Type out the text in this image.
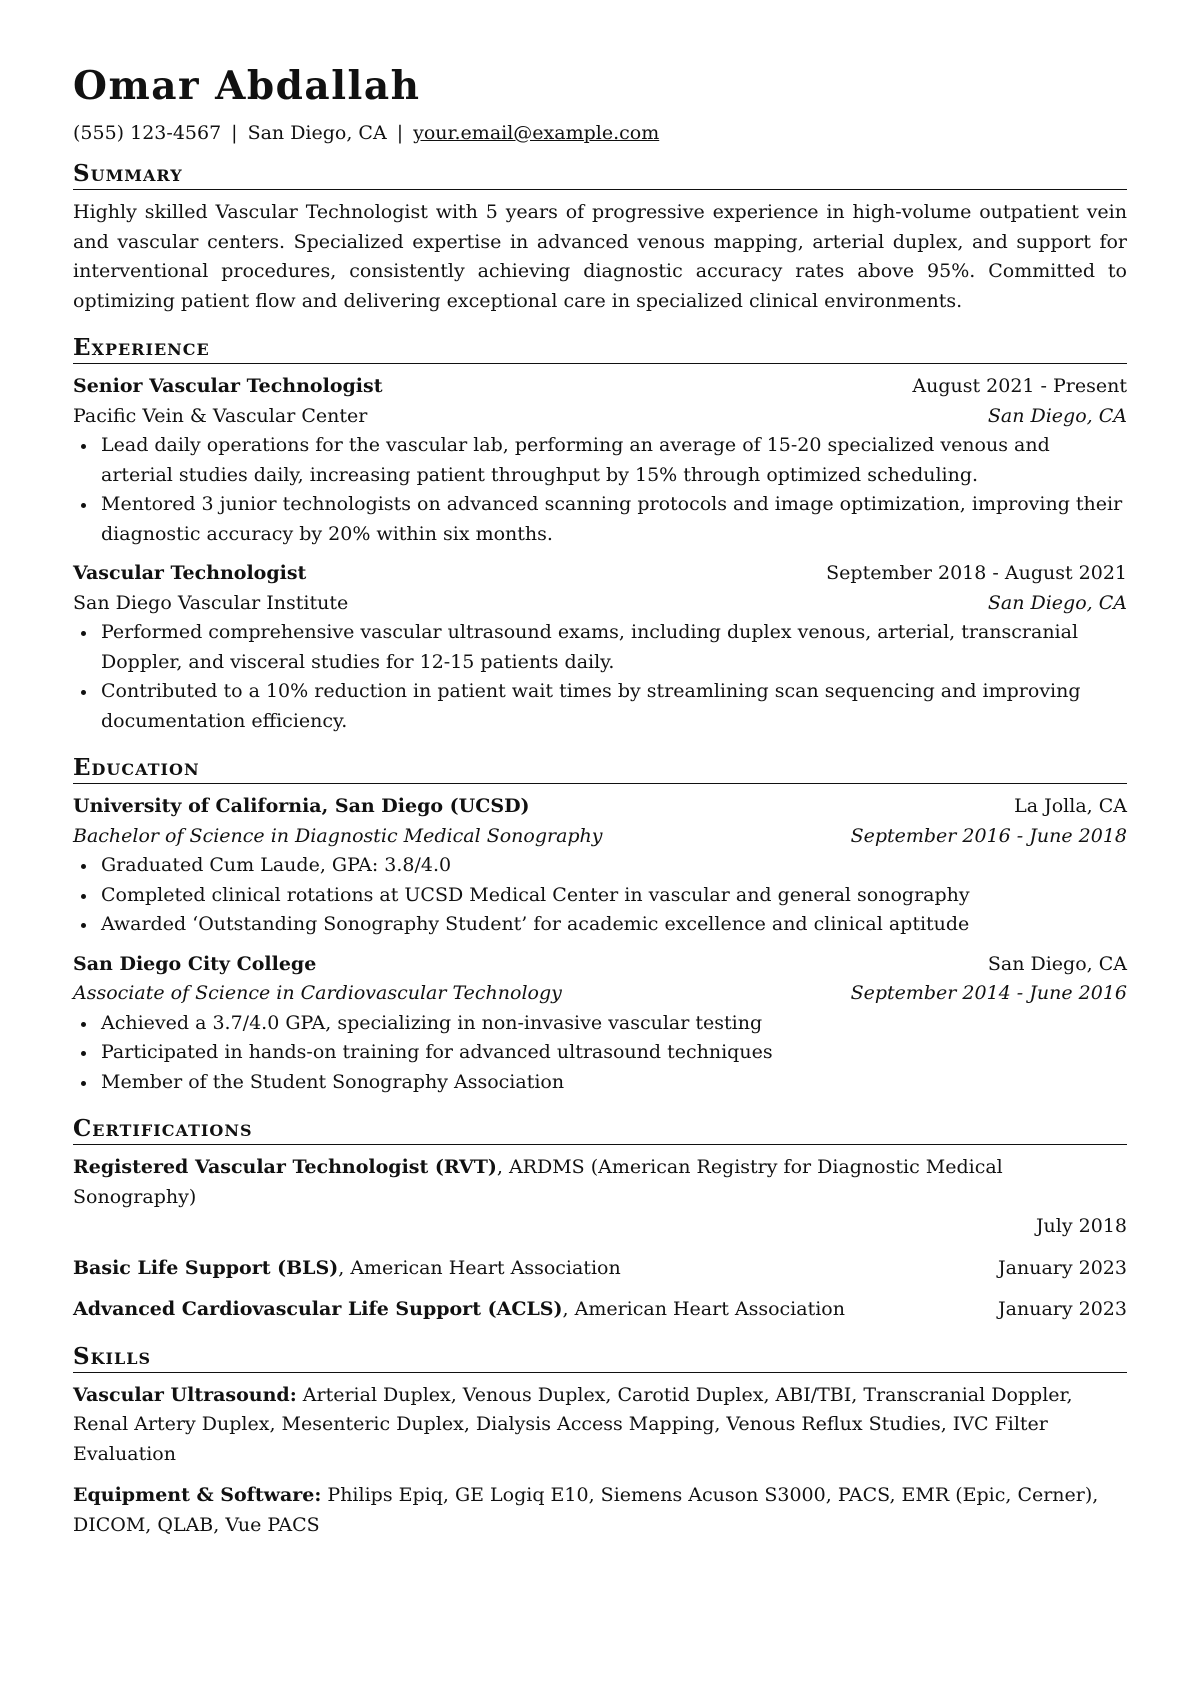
Omar Abdallah
(555) 123-4567 | San Diego, CA | your.email@example.com
Summary

Highly skilled Vascular Technologist with 5 years of progressive experience in high-volume outpatient vein and vascular centers. Specialized expertise in advanced venous mapping, arterial duplex, and support for interventional procedures, consistently achieving diagnostic accuracy rates above 95%. Committed to optimizing patient flow and delivering exceptional care in specialized clinical environments.

Experience
Senior Vascular Technologist	August 2021 - Present
Pacific Vein & Vascular Center	San Diego, CA
Lead daily operations for the vascular lab, performing an average of 15-20 specialized venous and arterial studies daily, increasing patient throughput by 15% through optimized scheduling.
Mentored 3 junior technologists on advanced scanning protocols and image optimization, improving their diagnostic accuracy by 20% within six months.
Vascular Technologist	September 2018 - August 2021
San Diego Vascular Institute	San Diego, CA
Performed comprehensive vascular ultrasound exams, including duplex venous, arterial, transcranial Doppler, and visceral studies for 12-15 patients daily.
Contributed to a 10% reduction in patient wait times by streamlining scan sequencing and improving documentation efficiency.
Education
University of California, San Diego (UCSD)	La Jolla, CA
Bachelor of Science in Diagnostic Medical Sonography	September 2016 - June 2018
Graduated Cum Laude, GPA: 3.8/4.0
Completed clinical rotations at UCSD Medical Center in vascular and general sonography
Awarded ‘Outstanding Sonography Student’ for academic excellence and clinical aptitude
San Diego City College	San Diego, CA
Associate of Science in Cardiovascular Technology	September 2014 - June 2016
Achieved a 3.7/4.0 GPA, specializing in non-invasive vascular testing
Participated in hands-on training for advanced ultrasound techniques
Member of the Student Sonography Association
Certifications
Registered Vascular Technologist (RVT), ARDMS (American Registry for Diagnostic Medical Sonography)
July 2018
Basic Life Support (BLS), American Heart Association	January 2023
Advanced Cardiovascular Life Support (ACLS), American Heart Association	January 2023
Skills
Vascular Ultrasound: Arterial Duplex, Venous Duplex, Carotid Duplex, ABI/TBI, Transcranial Doppler, Renal Artery Duplex, Mesenteric Duplex, Dialysis Access Mapping, Venous Reflux Studies, IVC Filter Evaluation
Equipment & Software: Philips Epiq, GE Logiq E10, Siemens Acuson S3000, PACS, EMR (Epic, Cerner), DICOM, QLAB, Vue PACS
